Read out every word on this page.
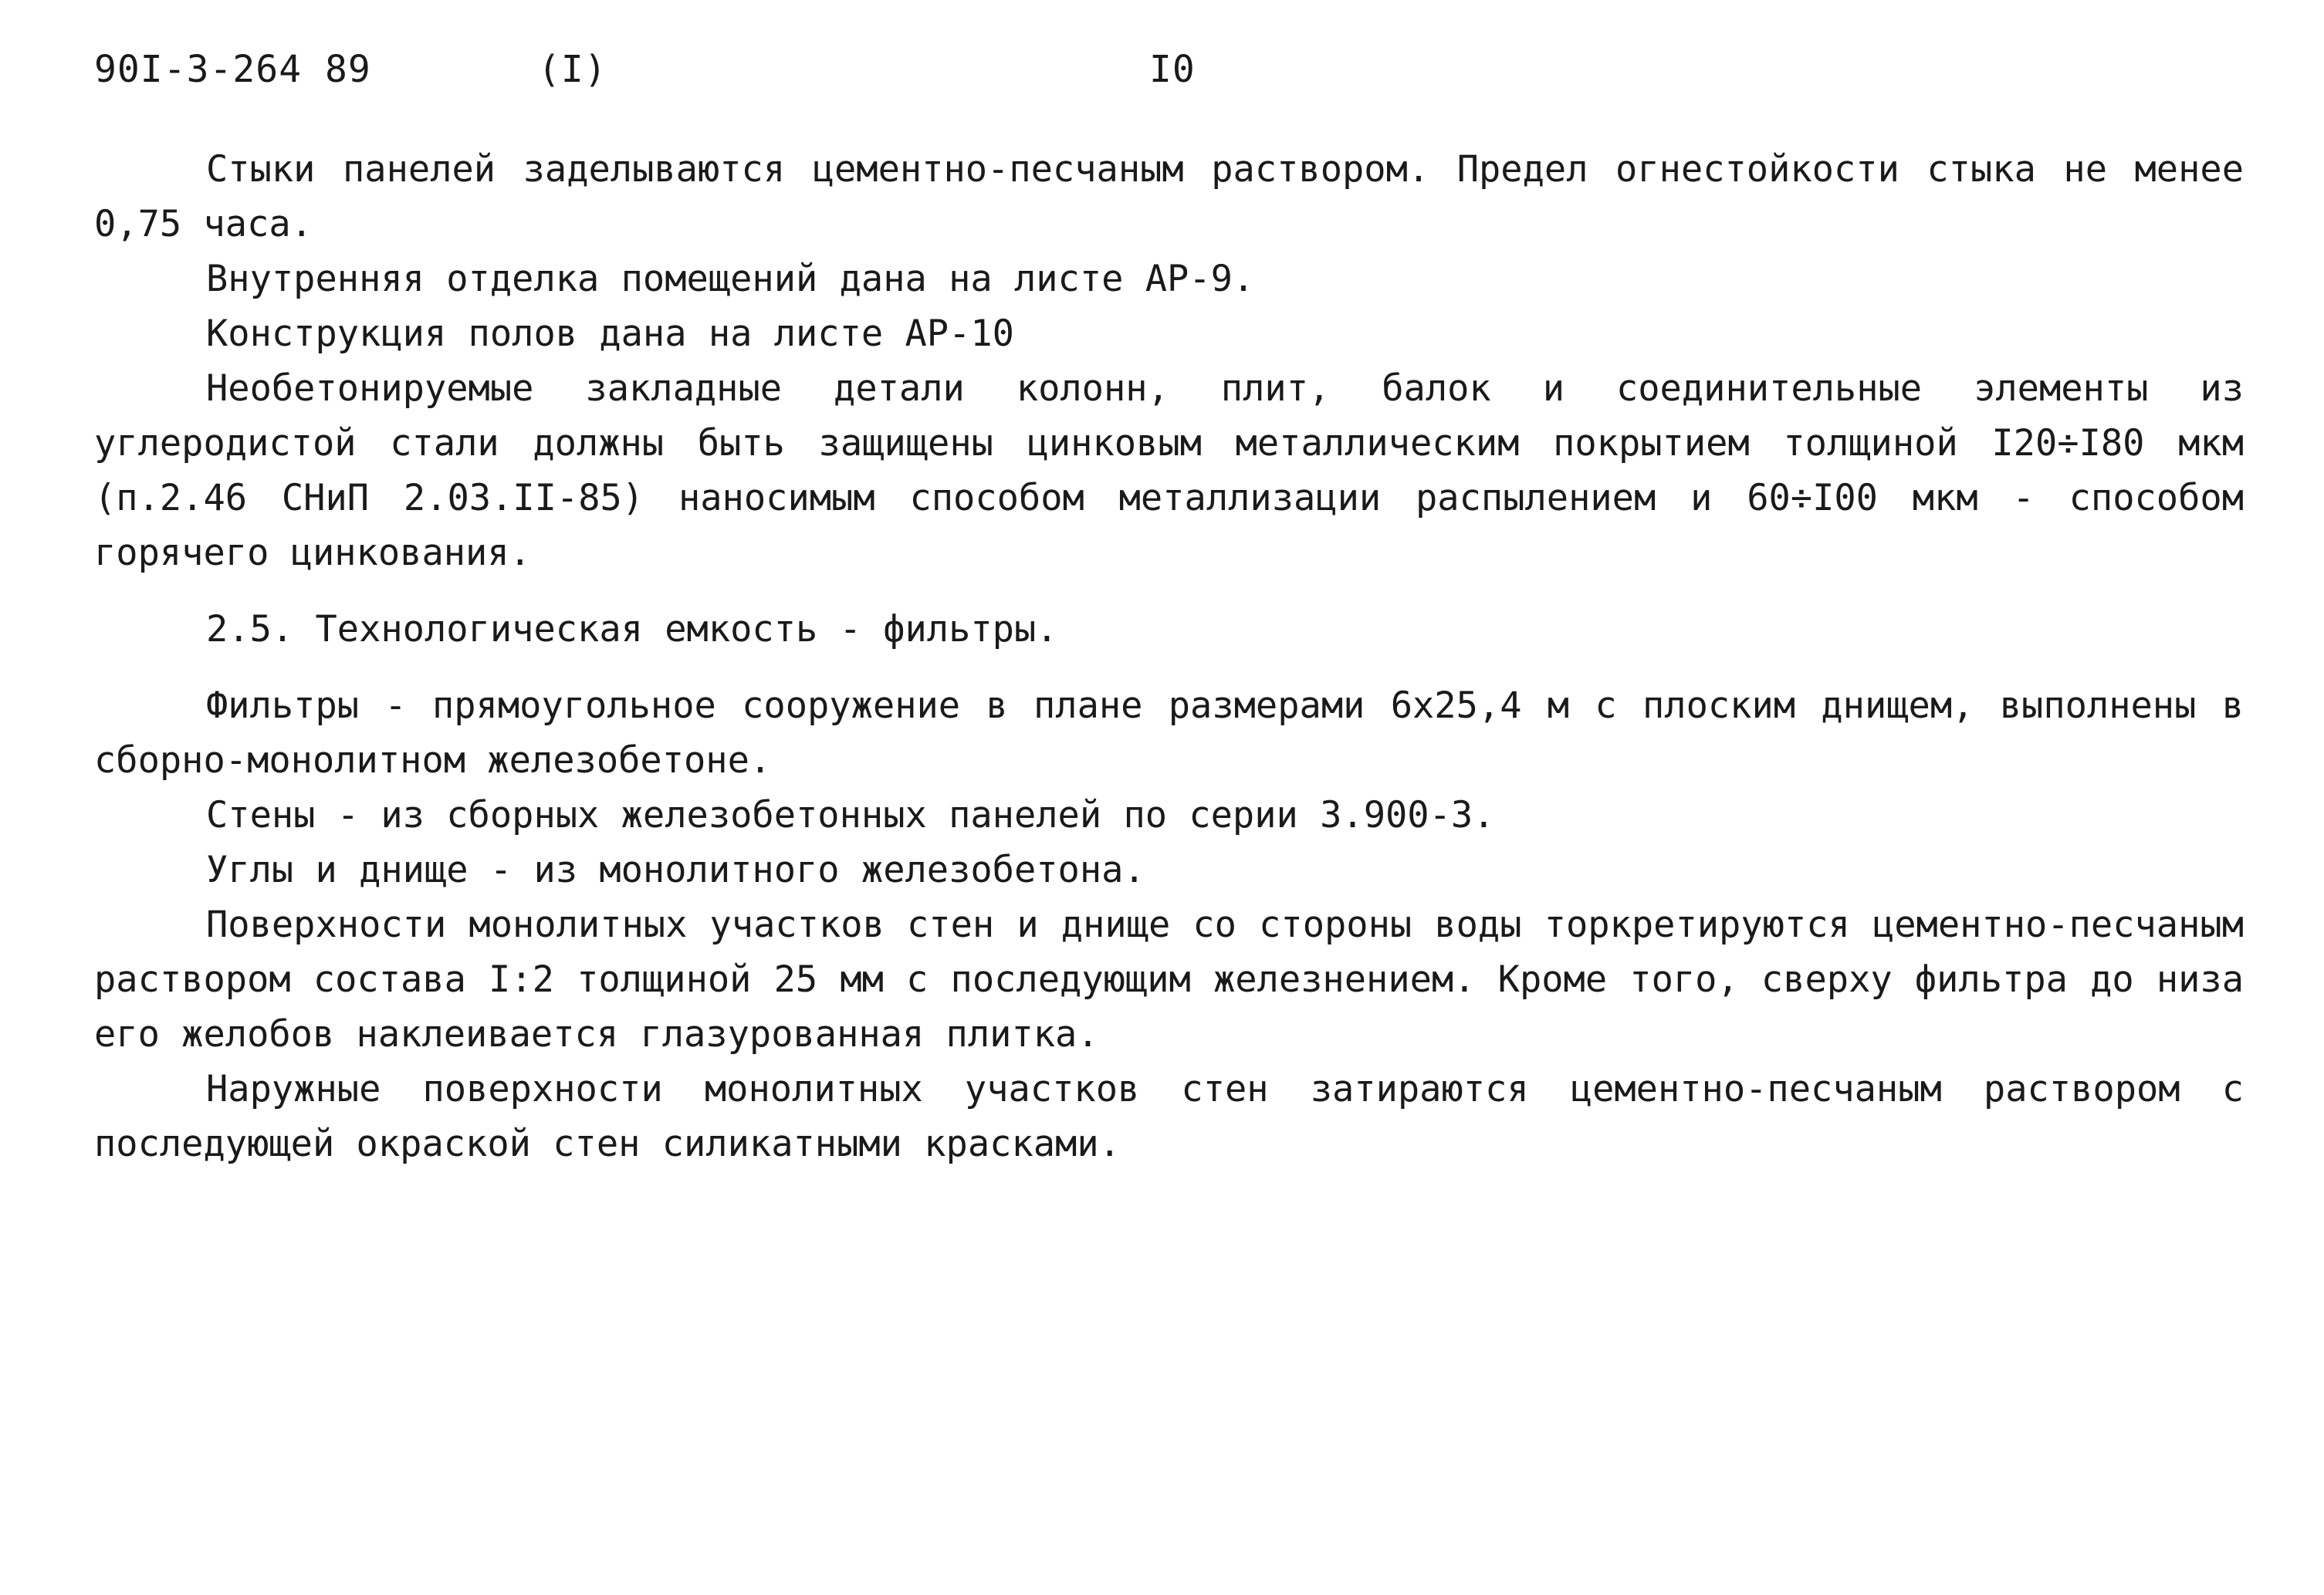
90I-3-264 89	(I)	I0

Стыки панелей заделываются цементно-песчаным раствором. Предел огнестойкости стыка не менее 0,75 часа.

Внутренняя отделка помещений дана на листе АР-9.

Конструкция полов дана на листе АР-10

Необетонируемые закладные детали колонн, плит, балок и соединительные элементы из углеродистой стали должны быть защищены цинковым металлическим покрытием толщиной I20÷I80 мкм (п.2.46 СНиП 2.03.II-85) наносимым способом металлизации распылением и 60÷I00 мкм - способом горячего цинкования.

2.5. Технологическая емкость - фильтры.

Фильтры - прямоугольное сооружение в плане размерами 6х25,4 м с плоским днищем, выполнены в сборно-монолитном железобетоне.

Стены - из сборных железобетонных панелей по серии 3.900-3.

Углы и днище - из монолитного железобетона.

Поверхности монолитных участков стен и днище со стороны воды торкретируются цементно-песчаным раствором состава I:2 толщиной 25 мм с последующим железнением. Кроме того, сверху фильтра до низа его желобов наклеивается глазурованная плитка.

Наружные поверхности монолитных участков стен затираются цементно-песчаным раствором с последующей окраской стен силикатными красками.
